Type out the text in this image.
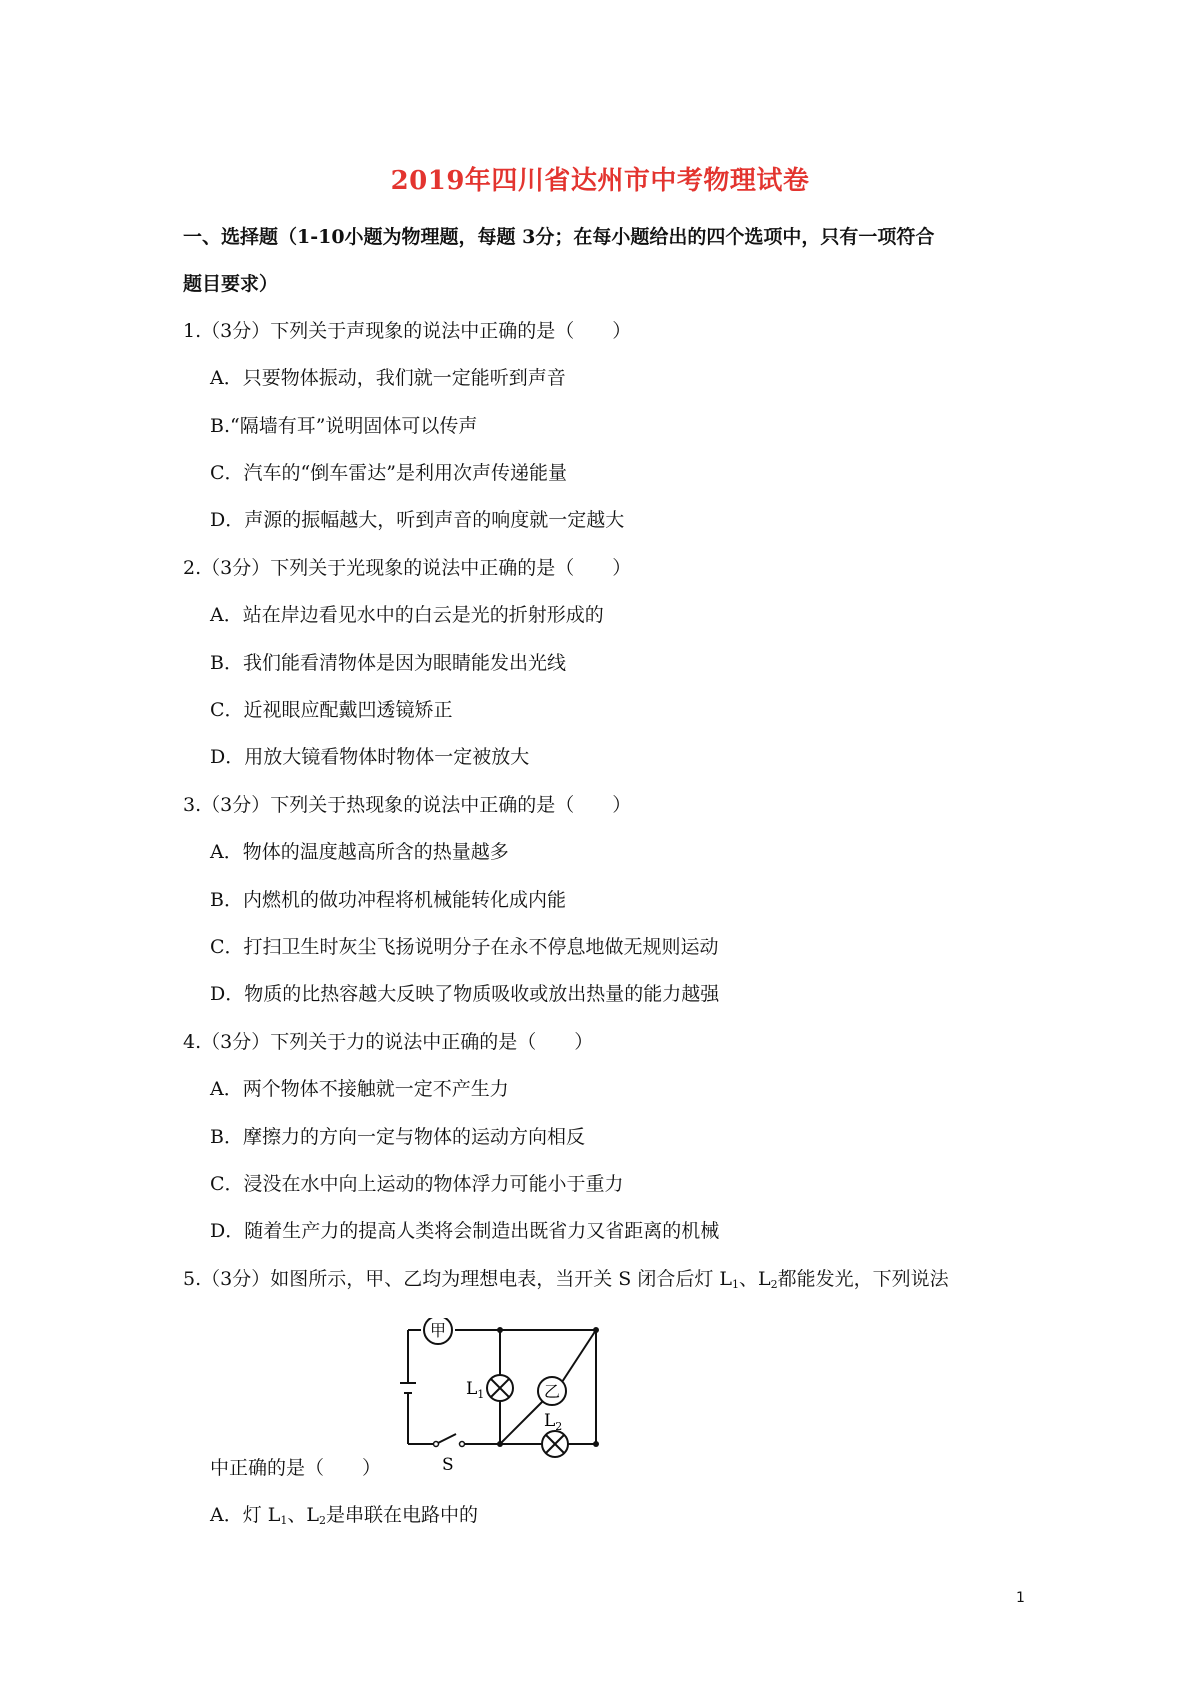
2019年四川省达州市中考物理试卷
一、选择题（1-10小题为物理题，每题 3分；在每小题给出的四个选项中，只有一项符合
题目要求）
1.（3分）下列关于声现象的说法中正确的是（　　）
A．只要物体振动，我们就一定能听到声音
B.“隔墙有耳”说明固体可以传声
C．汽车的“倒车雷达”是利用次声传递能量
D．声源的振幅越大，听到声音的响度就一定越大
2.（3分）下列关于光现象的说法中正确的是（　　）
A．站在岸边看见水中的白云是光的折射形成的
B．我们能看清物体是因为眼睛能发出光线
C．近视眼应配戴凹透镜矫正
D．用放大镜看物体时物体一定被放大
3.（3分）下列关于热现象的说法中正确的是（　　）
A．物体的温度越高所含的热量越多
B．内燃机的做功冲程将机械能转化成内能
C．打扫卫生时灰尘飞扬说明分子在永不停息地做无规则运动
D．物质的比热容越大反映了物质吸收或放出热量的能力越强
4.（3分）下列关于力的说法中正确的是（　　）
A．两个物体不接触就一定不产生力
B．摩擦力的方向一定与物体的运动方向相反
C．浸没在水中向上运动的物体浮力可能小于重力
D．随着生产力的提高人类将会制造出既省力又省距离的机械
5.（3分）如图所示，甲、乙均为理想电表，当开关 S 闭合后灯 $L_1$、$L_2$都能发光，下列说法
甲
$L_1$	乙
$L_2$
S
中正确的是（　　）
A．灯 $L_1$、$L_2$是串联在电路中的
1
